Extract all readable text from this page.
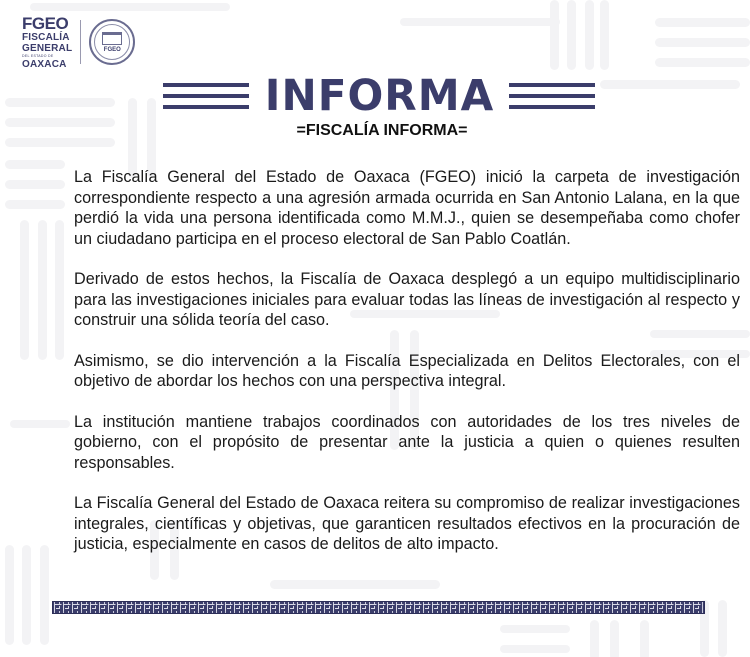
FGEO
FISCALÍA
GENERAL
DEL ESTADO DE
OAXACA
FGEO
INFORMA
=FISCALÍA INFORMA=

La Fiscalía General del Estado de Oaxaca (FGEO) inició la carpeta de investigación correspondiente respecto a una agresión armada ocurrida en San Antonio Lalana, en la que perdió la vida una persona identificada como M.M.J., quien se desempeñaba como chofer un ciudadano participa en el proceso electoral de San Pablo Coatlán.

Derivado de estos hechos, la Fiscalía de Oaxaca desplegó a un equipo multidisciplinario para las investigaciones iniciales para evaluar todas las líneas de investigación al respecto y construir una sólida teoría del caso.

Asimismo, se dio intervención a la Fiscalía Especializada en Delitos Electorales, con el objetivo de abordar los hechos con una perspectiva integral.

La institución mantiene trabajos coordinados con autoridades de los tres niveles de gobierno, con el propósito de presentar ante la justicia a quien o quienes resulten responsables.

La Fiscalía General del Estado de Oaxaca reitera su compromiso de realizar investigaciones integrales, científicas y objetivas, que garanticen resultados efectivos en la procuración de justicia, especialmente en casos de delitos de alto impacto.
